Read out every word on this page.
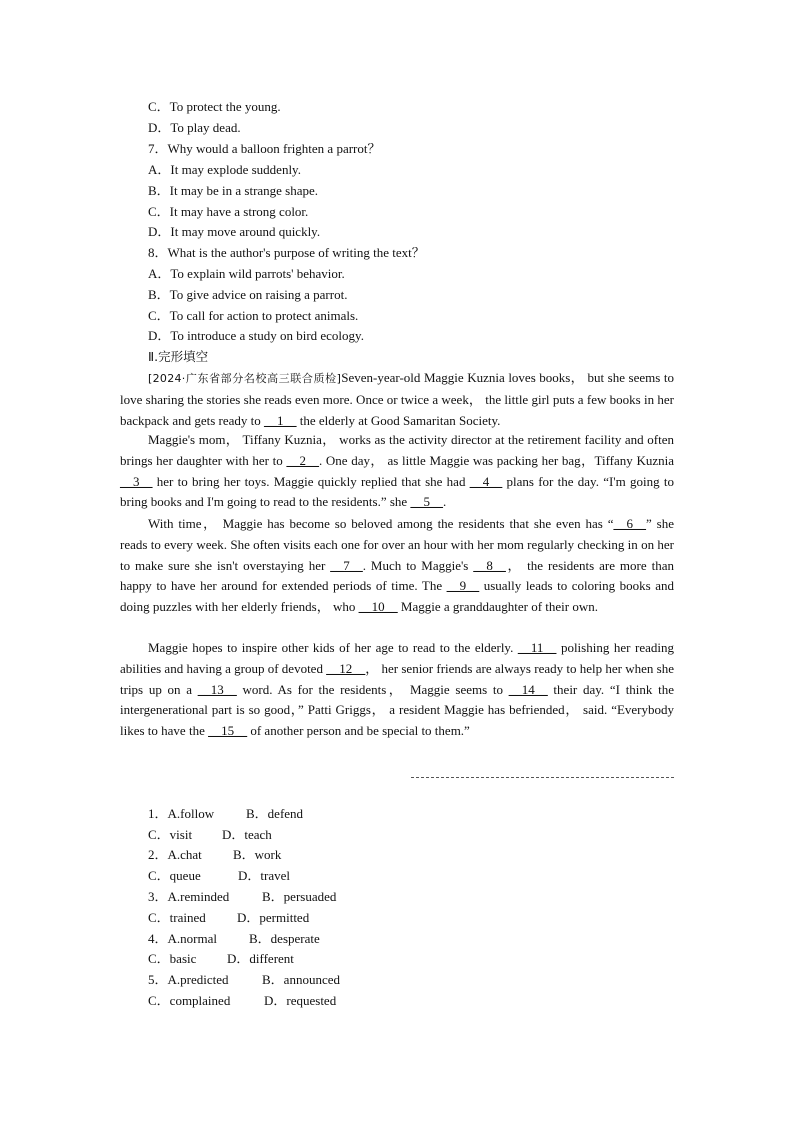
C．To protect the young.

D．To play dead.

7．Why would a balloon frighten a parrot？

A．It may explode suddenly.

B．It may be in a strange shape.

C．It may have a strong color.

D．It may move around quickly.

8．What is the author's purpose of writing the text？

A．To explain wild parrots' behavior.

B．To give advice on raising a parrot.

C．To call for action to protect animals.

D．To introduce a study on bird ecology.

Ⅱ.完形填空

[2024·广东省部分名校高三联合质检]Seven-year-old Maggie Kuznia loves books， but she seems to love sharing the stories she reads even more. Once or twice a week， the little girl puts a few books in her backpack and gets ready to __1__ the elderly at Good Samaritan Society.

Maggie's mom， Tiffany Kuznia， works as the activity director at the retirement facility and often brings her daughter with her to __2__. One day， as little Maggie was packing her bag，Tiffany Kuznia __3__ her to bring her toys. Maggie quickly replied that she had __4__ plans for the day. “I'm going to bring books and I'm going to read to the residents.” she __5__.

With time， Maggie has become so beloved among the residents that she even has “__6__” she reads to every week. She often visits each one for over an hour with her mom regularly checking in on her to make sure she isn't overstaying her __7__. Much to Maggie's __8__， the residents are more than happy to have her around for extended periods of time. The __9__ usually leads to coloring books and doing puzzles with her elderly friends， who __10__ Maggie a granddaughter of their own.

Maggie hopes to inspire other kids of her age to read to the elderly. __11__ polishing her reading abilities and having a group of devoted __12__， her senior friends are always ready to help her when she trips up on a __13__ word. As for the residents， Maggie seems to __14__ their day. “I think the intergenerational part is so good，” Patti Griggs， a resident Maggie has befriended， said. “Everybody likes to have the __15__ of another person and be special to them.”

1．A.follow B．defend

C．visit D．teach

2．A.chat B．work

C．queue	D．travel

3．A.reminded	B．persuaded

C．trained D．permitted

4．A.normal B．desperate

C．basic D．different

5．A.predicted	B．announced

C．complained	D．requested
